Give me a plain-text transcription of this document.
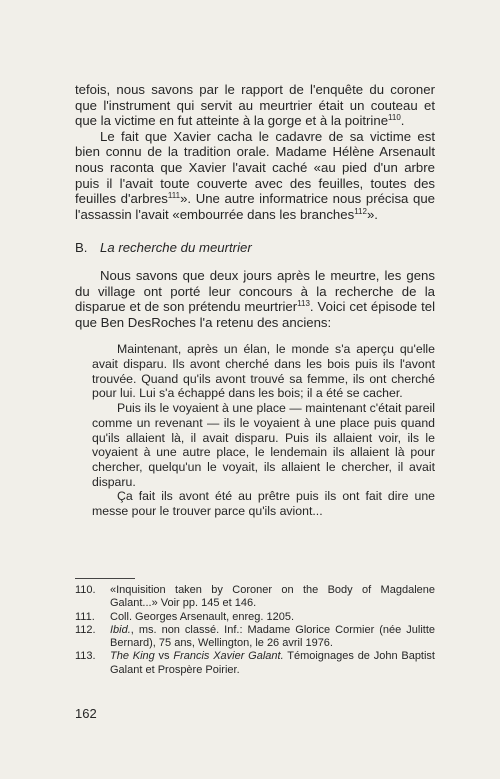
tefois, nous savons par le rapport de l'enquête du coroner que l'instrument qui servit au meurtrier était un couteau et que la victime en fut atteinte à la gorge et à la poitrine$^{110}$.

Le fait que Xavier cacha le cadavre de sa victime est bien connu de la tradition orale. Madame Hélène Arsenault nous raconta que Xavier l'avait caché «au pied d'un arbre puis il l'avait toute couverte avec des feuilles, toutes des feuilles d'arbres$^{111}$». Une autre informatrice nous précisa que l'assassin l'avait «embourrée dans les branches$^{112}$».

B. La recherche du meurtrier

Nous savons que deux jours après le meurtre, les gens du village ont porté leur concours à la recherche de la disparue et de son prétendu meurtrier$^{113}$. Voici cet épisode tel que Ben DesRoches l'a retenu des anciens:

Maintenant, après un élan, le monde s'a aperçu qu'elle avait disparu. Ils avont cherché dans les bois puis ils l'avont trouvée. Quand qu'ils avont trouvé sa femme, ils ont cherché pour lui. Lui s'a échappé dans les bois; il a été se cacher.

Puis ils le voyaient à une place — maintenant c'était pareil comme un revenant — ils le voyaient à une place puis quand qu'ils allaient là, il avait disparu. Puis ils allaient voir, ils le voyaient à une autre place, le lendemain ils allaient là pour chercher, quelqu'un le voyait, ils allaient le chercher, il avait disparu.

Ça fait ils avont été au prêtre puis ils ont fait dire une messe pour le trouver parce qu'ils aviont...

110.	«Inquisition taken by Coroner on the Body of Magdalene Galant...» Voir pp. 145 et 146.
111.	Coll. Georges Arsenault, enreg. 1205.
112.	Ibid., ms. non classé. Inf.: Madame Glorice Cormier (née Julitte Bernard), 75 ans, Wellington, le 26 avril 1976.
113.	The King vs Francis Xavier Galant. Témoignages de John Baptist Galant et Prospère Poirier.
162
